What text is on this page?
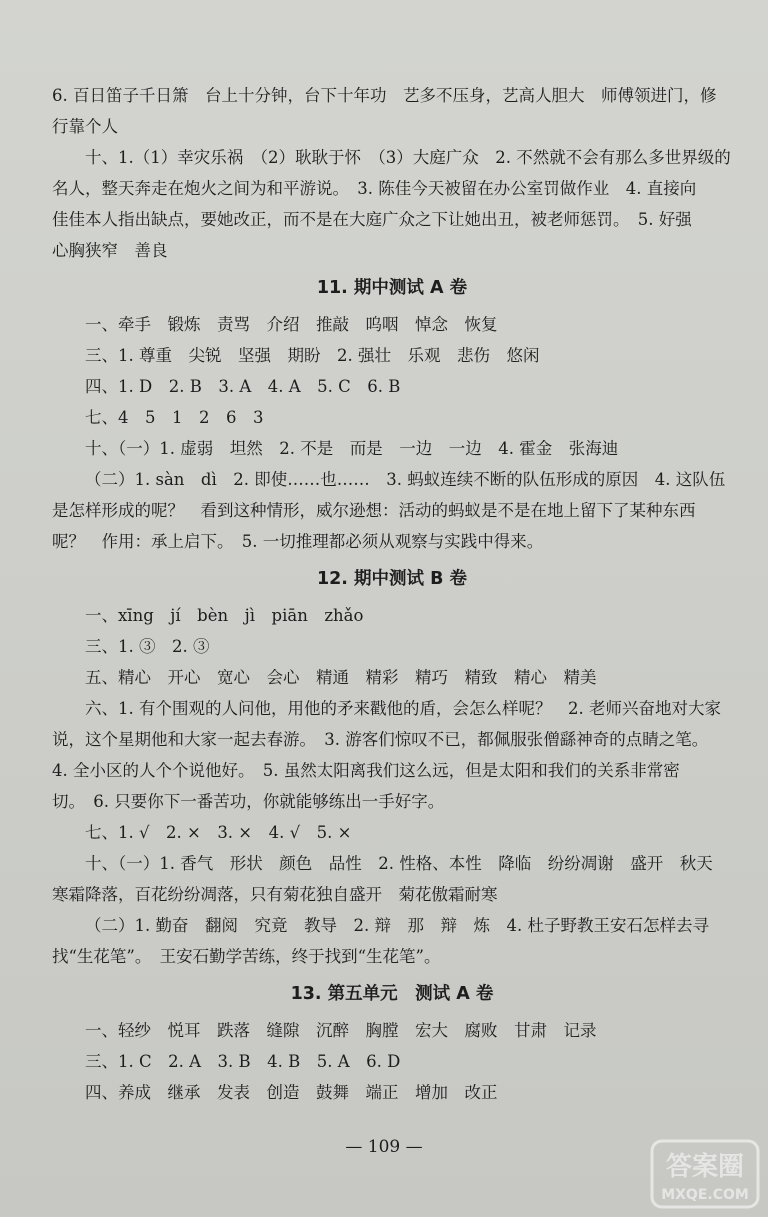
6. 百日笛子千日箫　台上十分钟，台下十年功　艺多不压身，艺高人胆大　师傅领进门，修
行靠个人
十、1.（1）幸灾乐祸　（2）耿耿于怀　（3）大庭广众　2. 不然就不会有那么多世界级的
名人，整天奔走在炮火之间为和平游说。　3. 陈佳今天被留在办公室罚做作业　4. 直接向
佳佳本人指出缺点，要她改正，而不是在大庭广众之下让她出丑，被老师惩罚。　5. 好强
心胸狭窄　善良
11. 期中测试 A 卷
一、牵手　锻炼　责骂　介绍　推敲　呜咽　悼念　恢复
三、1. 尊重　尖锐　坚强　期盼　2. 强壮　乐观　悲伤　悠闲
四、1. D　2. B　3. A　4. A　5. C　6. B
七、4　5　1　2　6　3
十、（一）1. 虚弱　坦然　2. 不是　而是　一边　一边　4. 霍金　张海迪
（二）1. sàn　dì　2. 即使……也……　3. 蚂蚁连续不断的队伍形成的原因　4. 这队伍
是怎样形成的呢？　看到这种情形，威尔逊想：活动的蚂蚁是不是在地上留下了某种东西
呢？　作用：承上启下。　5. 一切推理都必须从观察与实践中得来。
12. 期中测试 B 卷
一、xīng　jí　bèn　jì　piān　zhǎo
三、1. ③　2. ③
五、精心　开心　宽心　会心　精通　精彩　精巧　精致　精心　精美
六、1. 有个围观的人问他，用他的矛来戳他的盾，会怎么样呢？　2. 老师兴奋地对大家
说，这个星期他和大家一起去春游。　3. 游客们惊叹不已，都佩服张僧繇神奇的点睛之笔。
4. 全小区的人个个说他好。　5. 虽然太阳离我们这么远，但是太阳和我们的关系非常密
切。　6. 只要你下一番苦功，你就能够练出一手好字。
七、1. √　2. ×　3. ×　4. √　5. ×
十、（一）1. 香气　形状　颜色　品性　2. 性格、本性　降临　纷纷凋谢　盛开　秋天
寒霜降落，百花纷纷凋落，只有菊花独自盛开　菊花傲霜耐寒
（二）1. 勤奋　翻阅　究竟　教导　2. 辩　那　辩　炼　4. 杜子野教王安石怎样去寻
找“生花笔”。　王安石勤学苦练，终于找到“生花笔”。
13. 第五单元　测试 A 卷
一、轻纱　悦耳　跌落　缝隙　沉醉　胸膛　宏大　腐败　甘肃　记录
三、1. C　2. A　3. B　4. B　5. A　6. D
四、养成　继承　发表　创造　鼓舞　端正　增加　改正
— 109 —
答案圈
MXQE.COM
